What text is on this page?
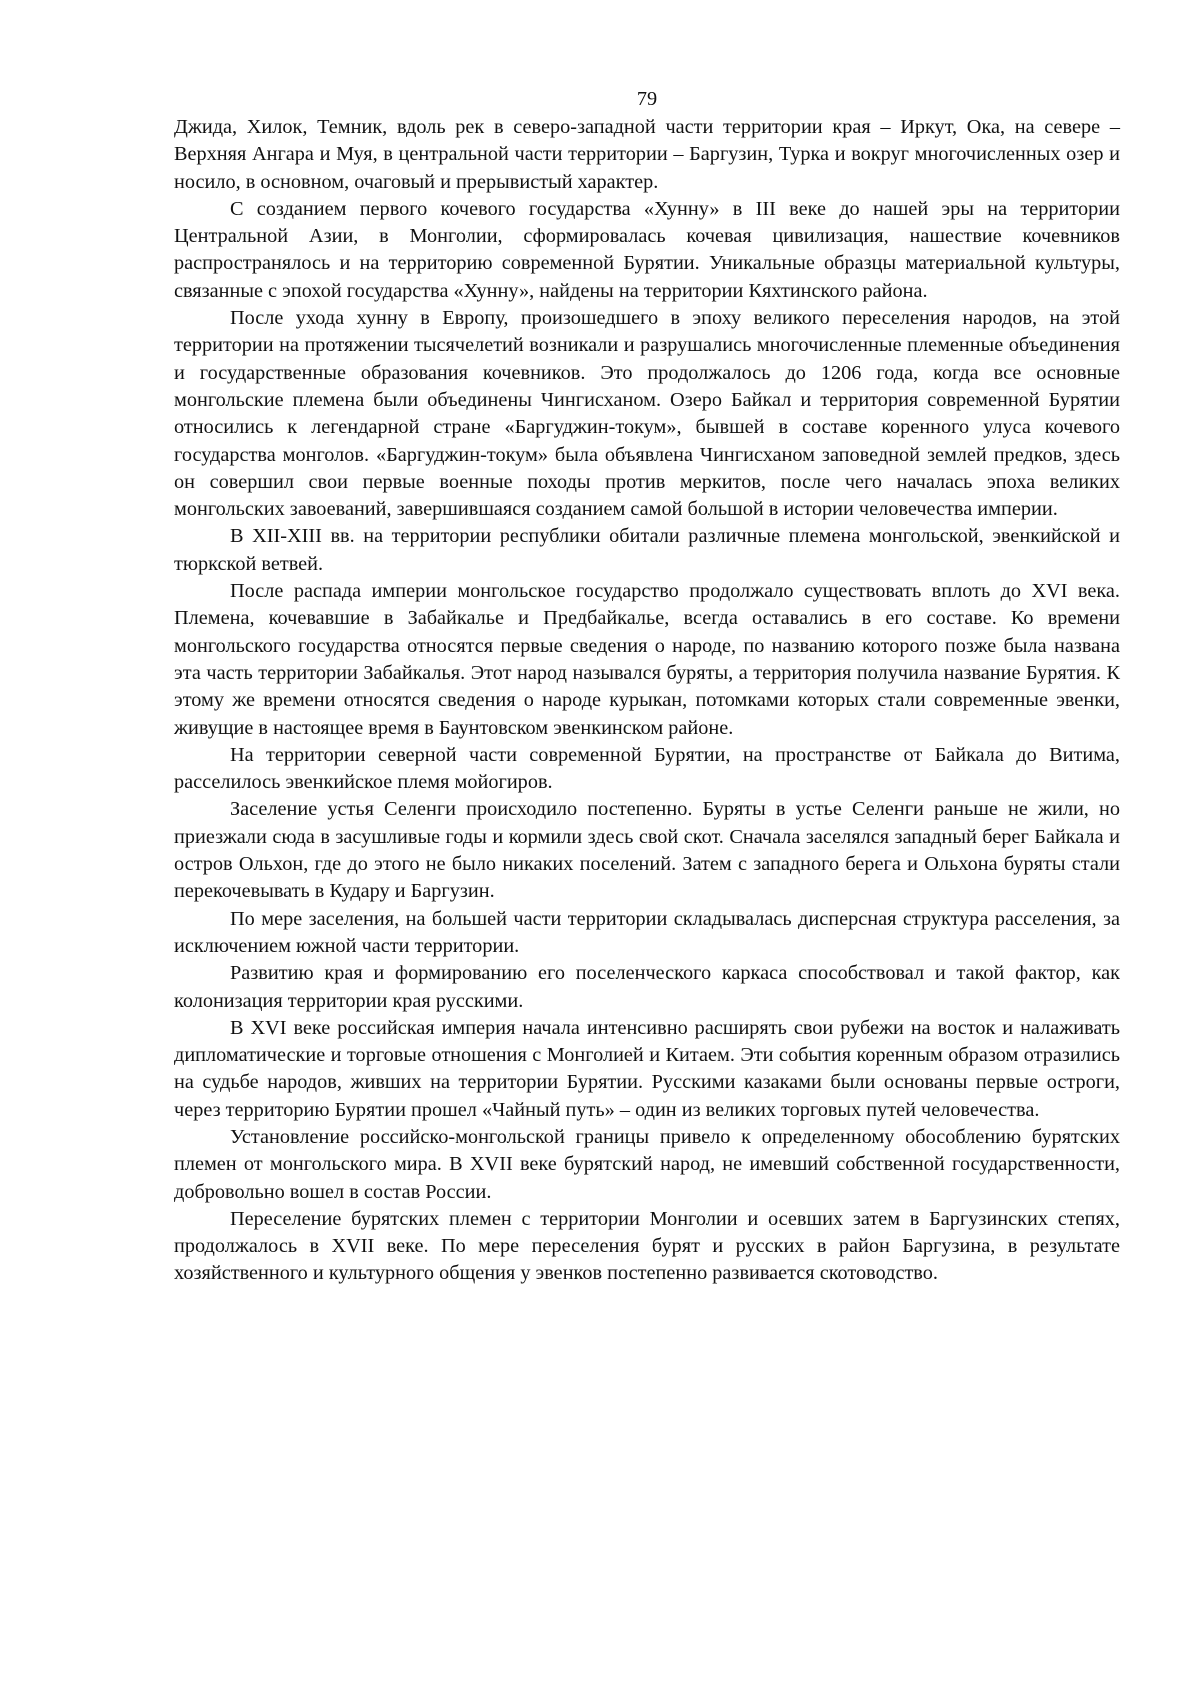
79

Джида, Хилок, Темник, вдоль рек в северо-западной части территории края – Иркут, Ока, на севере – Верхняя Ангара и Муя, в центральной части территории – Баргузин, Турка и вокруг многочисленных озер и носило, в основном, очаговый и прерывистый характер.

С созданием первого кочевого государства «Хунну» в III веке до нашей эры на территории Центральной Азии, в Монголии, сформировалась кочевая цивилизация, нашествие кочевников распространялось и на территорию современной Бурятии. Уникальные образцы материальной культуры, связанные с эпохой государства «Хунну», найдены на территории Кяхтинского района.

После ухода хунну в Европу, произошедшего в эпоху великого переселения народов, на этой территории на протяжении тысячелетий возникали и разрушались многочисленные племенные объединения и государственные образования кочевников. Это продолжалось до 1206 года, когда все основные монгольские племена были объединены Чингисханом. Озеро Байкал и территория современной Бурятии относились к легендарной стране «Баргуджин-токум», бывшей в составе коренного улуса кочевого государства монголов. «Баргуджин-токум» была объявлена Чингисханом заповедной землей предков, здесь он совершил свои первые военные походы против меркитов, после чего началась эпоха великих монгольских завоеваний, завершившаяся созданием самой большой в истории человечества империи.

В XII-XIII вв. на территории республики обитали различные племена монгольской, эвенкийской и тюркской ветвей.

После распада империи монгольское государство продолжало существовать вплоть до XVI века. Племена, кочевавшие в Забайкалье и Предбайкалье, всегда оставались в его составе. Ко времени монгольского государства относятся первые сведения о народе, по названию которого позже была названа эта часть территории Забайкалья. Этот народ назывался буряты, а территория получила название Бурятия. К этому же времени относятся сведения о народе курыкан, потомками которых стали современные эвенки, живущие в настоящее время в Баунтовском эвенкинском районе.

На территории северной части современной Бурятии, на пространстве от Байкала до Витима, расселилось эвенкийское племя мойогиров.

Заселение устья Селенги происходило постепенно. Буряты в устье Селенги раньше не жили, но приезжали сюда в засушливые годы и кормили здесь свой скот. Сначала заселялся западный берег Байкала и остров Ольхон, где до этого не было никаких поселений. Затем с западного берега и Ольхона буряты стали перекочевывать в Кудару и Баргузин.

По мере заселения, на большей части территории складывалась дисперсная структура расселения, за исключением южной части территории.

Развитию края и формированию его поселенческого каркаса способствовал и такой фактор, как колонизация территории края русскими.

В XVI веке российская империя начала интенсивно расширять свои рубежи на восток и налаживать дипломатические и торговые отношения с Монголией и Китаем. Эти события коренным образом отразились на судьбе народов, живших на территории Бурятии. Русскими казаками были основаны первые остроги, через территорию Бурятии прошел «Чайный путь» – один из великих торговых путей человечества.

Установление российско-монгольской границы привело к определенному обособлению бурятских племен от монгольского мира. В XVII веке бурятский народ, не имевший собственной государственности, добровольно вошел в состав России.

Переселение бурятских племен с территории Монголии и осевших затем в Баргузинских степях, продолжалось в XVII веке. По мере переселения бурят и русских в район Баргузина, в результате хозяйственного и культурного общения у эвенков постепенно развивается скотоводство.
